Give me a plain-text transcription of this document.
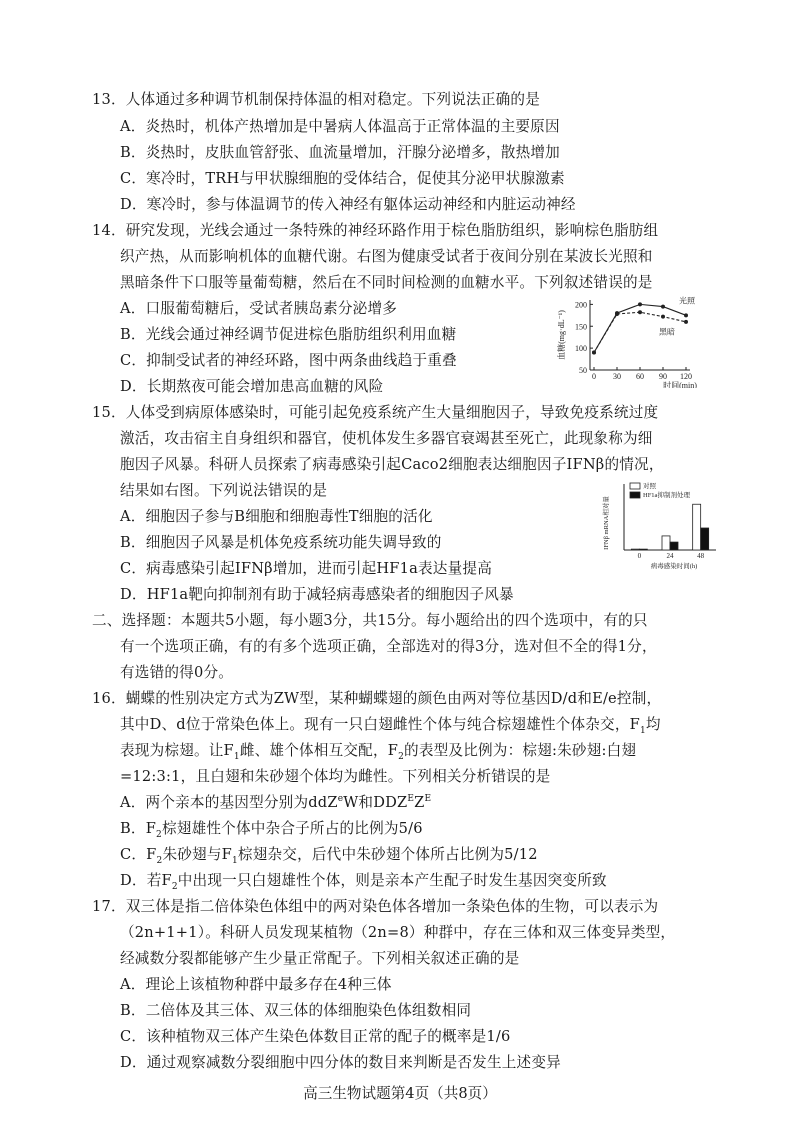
13．人体通过多种调节机制保持体温的相对稳定。下列说法正确的是
A．炎热时，机体产热增加是中暑病人体温高于正常体温的主要原因
B．炎热时，皮肤血管舒张、血流量增加，汗腺分泌增多，散热增加
C．寒冷时，TRH与甲状腺细胞的受体结合，促使其分泌甲状腺激素
D．寒冷时，参与体温调节的传入神经有躯体运动神经和内脏运动神经
14．研究发现，光线会通过一条特殊的神经环路作用于棕色脂肪组织，影响棕色脂肪组
织产热，从而影响机体的血糖代谢。右图为健康受试者于夜间分别在某波长光照和
黑暗条件下口服等量葡萄糖，然后在不同时间检测的血糖水平。下列叙述错误的是
A．口服葡萄糖后，受试者胰岛素分泌增多
B．光线会通过神经调节促进棕色脂肪组织利用血糖
C．抑制受试者的神经环路，图中两条曲线趋于重叠
D．长期熬夜可能会增加患高血糖的风险
50
100
150
200
0 30 60 90 120
血糖(mg·dL⁻¹)
时间(min)
光照
黑暗
15．人体受到病原体感染时，可能引起免疫系统产生大量细胞因子，导致免疫系统过度
激活，攻击宿主自身组织和器官，使机体发生多器官衰竭甚至死亡，此现象称为细
胞因子风暴。科研人员探索了病毒感染引起Caco2细胞表达细胞因子IFNβ的情况，
结果如右图。下列说法错误的是
A．细胞因子参与B细胞和细胞毒性T细胞的活化
B．细胞因子风暴是机体免疫系统功能失调导致的
C．病毒感染引起IFNβ增加，进而引起HF1a表达量提高
D．HF1a靶向抑制剂有助于减轻病毒感染者的细胞因子风暴
IFNβ mRNA相对量
0	24	48
病毒感染时间(h)
对照
HF1a抑制剂处理
二、选择题：本题共5小题，每小题3分，共15分。每小题给出的四个选项中，有的只
有一个选项正确，有的有多个选项正确，全部选对的得3分，选对但不全的得1分，
有选错的得0分。
16．蝴蝶的性别决定方式为ZW型，某种蝴蝶翅的颜色由两对等位基因D/d和E/e控制，
其中D、d位于常染色体上。现有一只白翅雌性个体与纯合棕翅雄性个体杂交，$F_1$均
表现为棕翅。让$F_1$雌、雄个体相互交配，$F_2$的表型及比例为：棕翅:朱砂翅:白翅
=12:3:1，且白翅和朱砂翅个体均为雌性。下列相关分析错误的是
A．两个亲本的基因型分别为ddZ$^e$W和$DDZ^EZ^E$
B．$F_2$棕翅雄性个体中杂合子所占的比例为5/6
C．$F_2$朱砂翅与$F_1$棕翅杂交，后代中朱砂翅个体所占比例为5/12
D．若$F_2$中出现一只白翅雄性个体，则是亲本产生配子时发生基因突变所致
17．双三体是指二倍体染色体组中的两对染色体各增加一条染色体的生物，可以表示为
（2n+1+1）。科研人员发现某植物（2n=8）种群中，存在三体和双三体变异类型，
经减数分裂都能够产生少量正常配子。下列相关叙述正确的是
A．理论上该植物种群中最多存在4种三体
B．二倍体及其三体、双三体的体细胞染色体组数相同
C．该种植物双三体产生染色体数目正常的配子的概率是1/6
D．通过观察减数分裂细胞中四分体的数目来判断是否发生上述变异
高三生物试题第4页（共8页）
